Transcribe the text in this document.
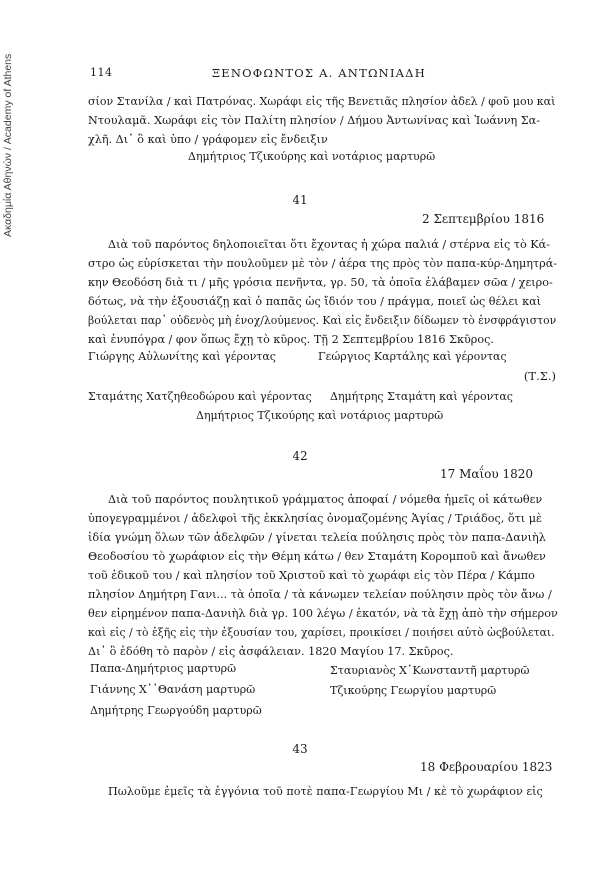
Ακαδημία Αθηνών / Academy of Athens	114	ΞΕΝΟΦΩΝΤΟΣ Α. ΑΝΤΩΝΙΑΔΗ
σίον Στανίλα / καὶ Πατρόνας. Χωράφι εἰς τῆς Βενετιᾶς πλησίον ἀδελ / φοῦ μου καὶ
Ντουλαμᾶ. Χωράφι εἰς τὸν Παλίτη πλησίον / Δήμου Ἀντωνίνας καὶ Ἰωάννη Σα-
χλῆ. Δι᾽ ὃ καὶ ὑπο / γράφομεν εἰς ἔνδειξιν
Δημήτριος Τζικούρης καὶ νοτάριος μαρτυρῶ
41
2 Σεπτεμβρίου 1816
Διὰ τοῦ παρόντος δηλοποιεῖται ὅτι ἔχοντας ἡ χώρα παλιά / στέρνα εἰς τὸ Κά-
στρο ὡς εὑρίσκεται τὴν πουλοῦμεν μὲ τὸν / ἀέρα της πρὸς τὸν παπα-κύρ-Δημητρά-
κην Θεοδόση διὰ τι / μῆς γρόσια πενῆντα, γρ. 50, τὰ ὁποῖα ἐλάβαμεν σῶα / χειρο-
δότως, νὰ τὴν ἐξουσιάζῃ καὶ ὁ παπᾶς ὡς ἴδιόν του / πράγμα, ποιεῖ ὡς θέλει καὶ
βούλεται παρ᾽ οὐδενὸς μὴ ἐνοχ/λούμενος. Καὶ εἰς ἔνδειξιν δίδωμεν τὸ ἐνσφράγιστον
καὶ ἐνυπόγρα / φον ὅπως ἔχῃ τὸ κῦρος. Τῇ 2 Σεπτεμβρίου 1816 Σκῦρος.
Γιώργης Αὐλωνίτης καὶ γέροντας	Γεώργιος Καρτάλης καὶ γέροντας
(Τ.Σ.)
Σταμάτης Χατζηθεοδώρου καὶ γέροντας Δημήτρης Σταμάτη καὶ γέροντας
Δημήτριος Τζικούρης καὶ νοτάριος μαρτυρῶ
42
17 Μαΐου 1820
Διὰ τοῦ παρόντος πουλητικοῦ γράμματος ἀποφαί / νόμεθα ἡμεῖς οἱ κάτωθεν
ὑπογεγραμμένοι / ἀδελφοὶ τῆς ἐκκλησίας ὀνομαζομένης Ἁγίας / Τριάδος, ὅτι μὲ
ἰδία γνώμη ὅλων τῶν ἀδελφῶν / γίνεται τελεία πούλησις πρὸς τὸν παπα-Δανιὴλ
Θεοδοσίου τὸ χωράφιον εἰς τὴν Θέμη κάτω / θεν Σταμάτη Κορομποῦ καὶ ἄνωθεν
τοῦ ἐδικοῦ του / καὶ πλησίον τοῦ Χριστοῦ καὶ τὸ χωράφι εἰς τὸν Πέρα / Κάμπο
πλησίον Δημήτρη Γανι... τὰ ὁποῖα / τὰ κάνωμεν τελείαν πούλησιν πρὸς τὸν ἄνω /
θεν εἰρημένον παπα-Δανιὴλ διὰ γρ. 100 λέγω / ἑκατόν, νὰ τὰ ἔχῃ ἀπὸ τὴν σήμερον
καὶ εἰς / τὸ ἑξῆς εἰς τὴν ἐξουσίαν του, χαρίσει, προικίσει / ποιήσει αὐτὸ ὡςβούλεται.
Δι᾽ ὃ ἐδόθη τὸ παρὸν / εἰς ἀσφάλειαν. 1820 Μαγίου 17. Σκῦρος.
Παπα-Δημήτριος μαρτυρῶ	Σταυριανὸς Χ᾽Κωνσταντῆ μαρτυρῶ
Γιάννης Χ᾽᾽Θανάση μαρτυρῶ	Τζικούρης Γεωργίου μαρτυρῶ
Δημήτρης Γεωργούδη μαρτυρῶ
43
18 Φεβρουαρίου 1823
Πωλοῦμε ἐμεῖς τὰ ἐγγόνια τοῦ ποτὲ παπα-Γεωργίου Μι / κὲ τὸ χωράφιον εἰς
